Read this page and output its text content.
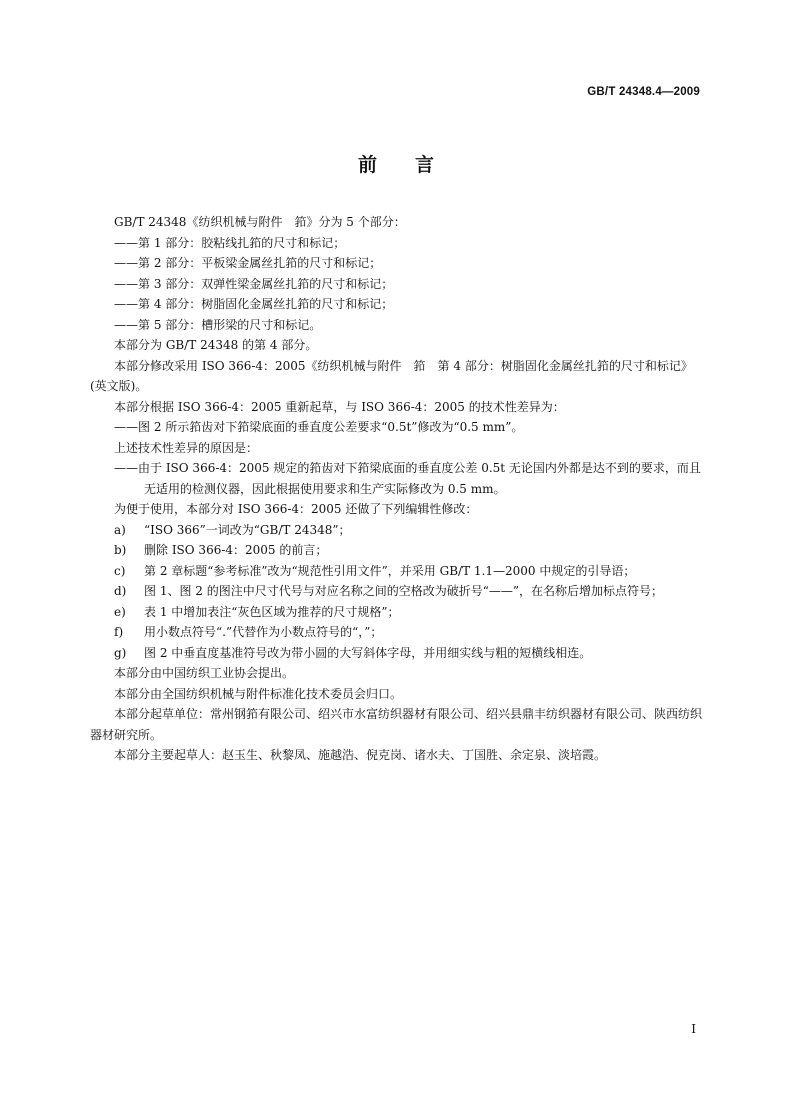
GB/T 24348.4—2009
前言

GB/T 24348《纺织机械与附件　筘》分为 5 个部分：

——第 1 部分：胶粘线扎筘的尺寸和标记；

——第 2 部分：平板梁金属丝扎筘的尺寸和标记；

——第 3 部分：双弹性梁金属丝扎筘的尺寸和标记；

——第 4 部分：树脂固化金属丝扎筘的尺寸和标记；

——第 5 部分：槽形梁的尺寸和标记。

本部分为 GB/T 24348 的第 4 部分。

本部分修改采用 ISO 366-4：2005《纺织机械与附件　筘　第 4 部分：树脂固化金属丝扎筘的尺寸和标记》(英文版)。

本部分根据 ISO 366-4：2005 重新起草，与 ISO 366-4：2005 的技术性差异为：

——图 2 所示筘齿对下筘梁底面的垂直度公差要求“0.5t”修改为“0.5 mm”。

上述技术性差异的原因是：

——由于 ISO 366-4：2005 规定的筘齿对下筘梁底面的垂直度公差 0.5t 无论国内外都是达不到的要求，而且无适用的检测仪器，因此根据使用要求和生产实际修改为 0.5 mm。

为便于使用，本部分对 ISO 366-4：2005 还做了下列编辑性修改：

a) “ISO 366”一词改为“GB/T 24348”；

b) 删除 ISO 366-4：2005 的前言；

c) 第 2 章标题“参考标准”改为“规范性引用文件”，并采用 GB/T 1.1—2000 中规定的引导语；

d) 图 1、图 2 的图注中尺寸代号与对应名称之间的空格改为破折号“——”，在名称后增加标点符号；

e) 表 1 中增加表注“灰色区域为推荐的尺寸规格”；

f) 用小数点符号“.”代替作为小数点符号的“，”；

g) 图 2 中垂直度基准符号改为带小圆的大写斜体字母，并用细实线与粗的短横线相连。

本部分由中国纺织工业协会提出。

本部分由全国纺织机械与附件标准化技术委员会归口。

本部分起草单位：常州钢筘有限公司、绍兴市水富纺织器材有限公司、绍兴县鼎丰纺织器材有限公司、陕西纺织器材研究所。

本部分主要起草人：赵玉生、秋黎凤、施越浩、倪克岗、诸水夫、丁国胜、余定泉、淡培霞。

I
